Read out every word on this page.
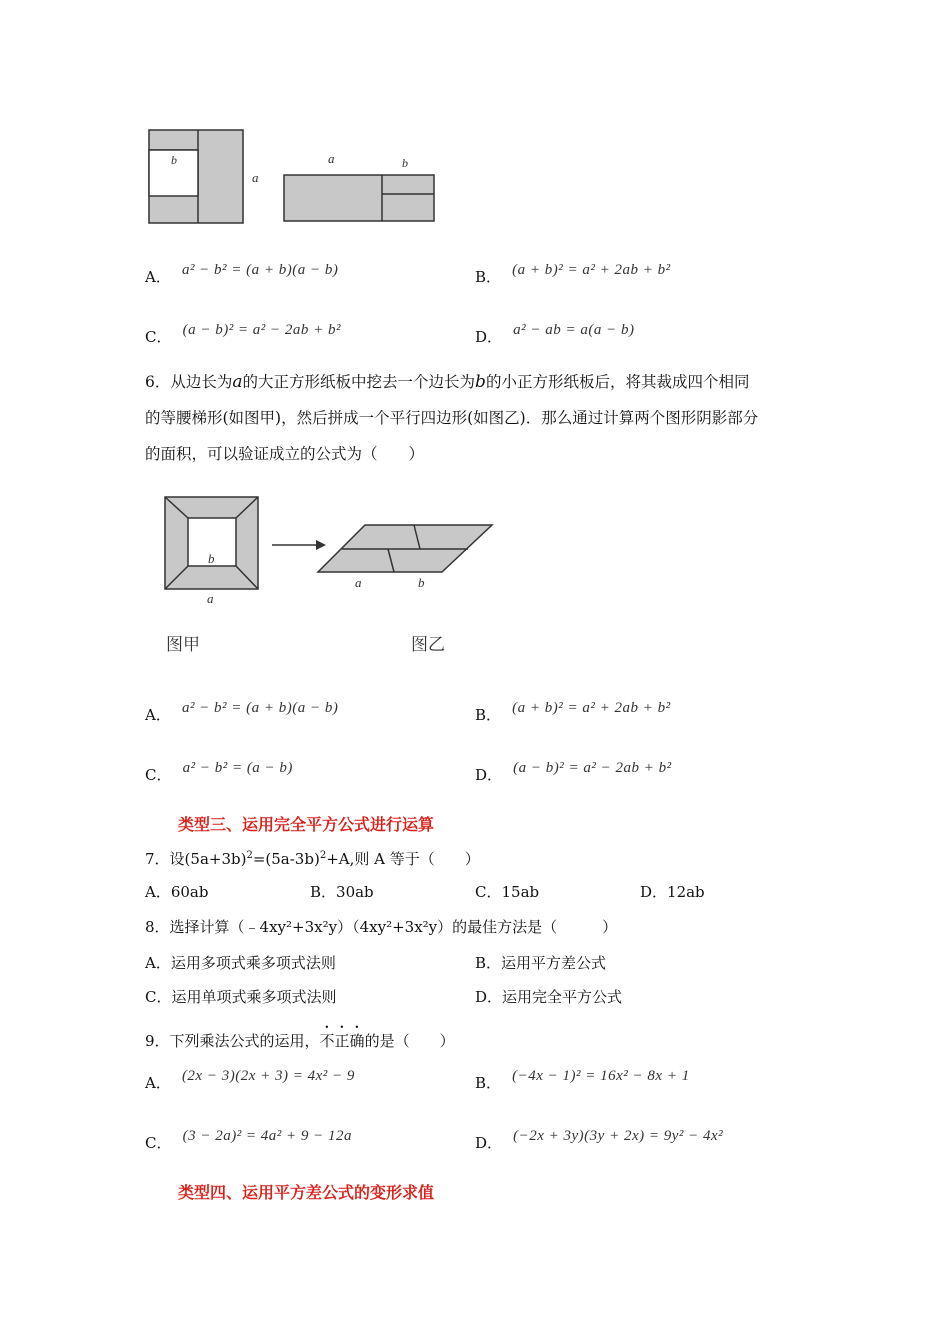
b
a
a	b
A． a² − b² = (a + b)(a − b)	B． (a + b)² = a² + 2ab + b²
C． (a − b)² = a² − 2ab + b²	D． a² − ab = a(a − b)
6．从边长为a的大正方形纸板中挖去一个边长为b的小正方形纸板后，将其裁成四个相同
的等腰梯形(如图甲)，然后拼成一个平行四边形(如图乙)．那么通过计算两个图形阴影部分
的面积，可以验证成立的公式为（　　）
b
a
a	b
图甲	图乙
A． a² − b² = (a + b)(a − b)	B． (a + b)² = a² + 2ab + b²
C． a² − b² = (a − b)	D． (a − b)² = a² − 2ab + b²
类型三、运用完全平方公式进行运算
7．设$(5a+3b)^2=(5a-3b)^2+A$,则 A 等于（　　）
A．60ab	B．30ab	C．15ab	D．12ab
8．选择计算（﹣4xy²+3x²y）（4xy²+3x²y）的最佳方法是（　　　）
A．运用多项式乘多项式法则	B．运用平方差公式
C．运用单项式乘多项式法则	D．运用完全平方公式
9．下列乘法公式的运用，不正确的是（　　）
A． (2x − 3)(2x + 3) = 4x² − 9	B． (−4x − 1)² = 16x² − 8x + 1
C． (3 − 2a)² = 4a² + 9 − 12a	D． (−2x + 3y)(3y + 2x) = 9y² − 4x²
类型四、运用平方差公式的变形求值
